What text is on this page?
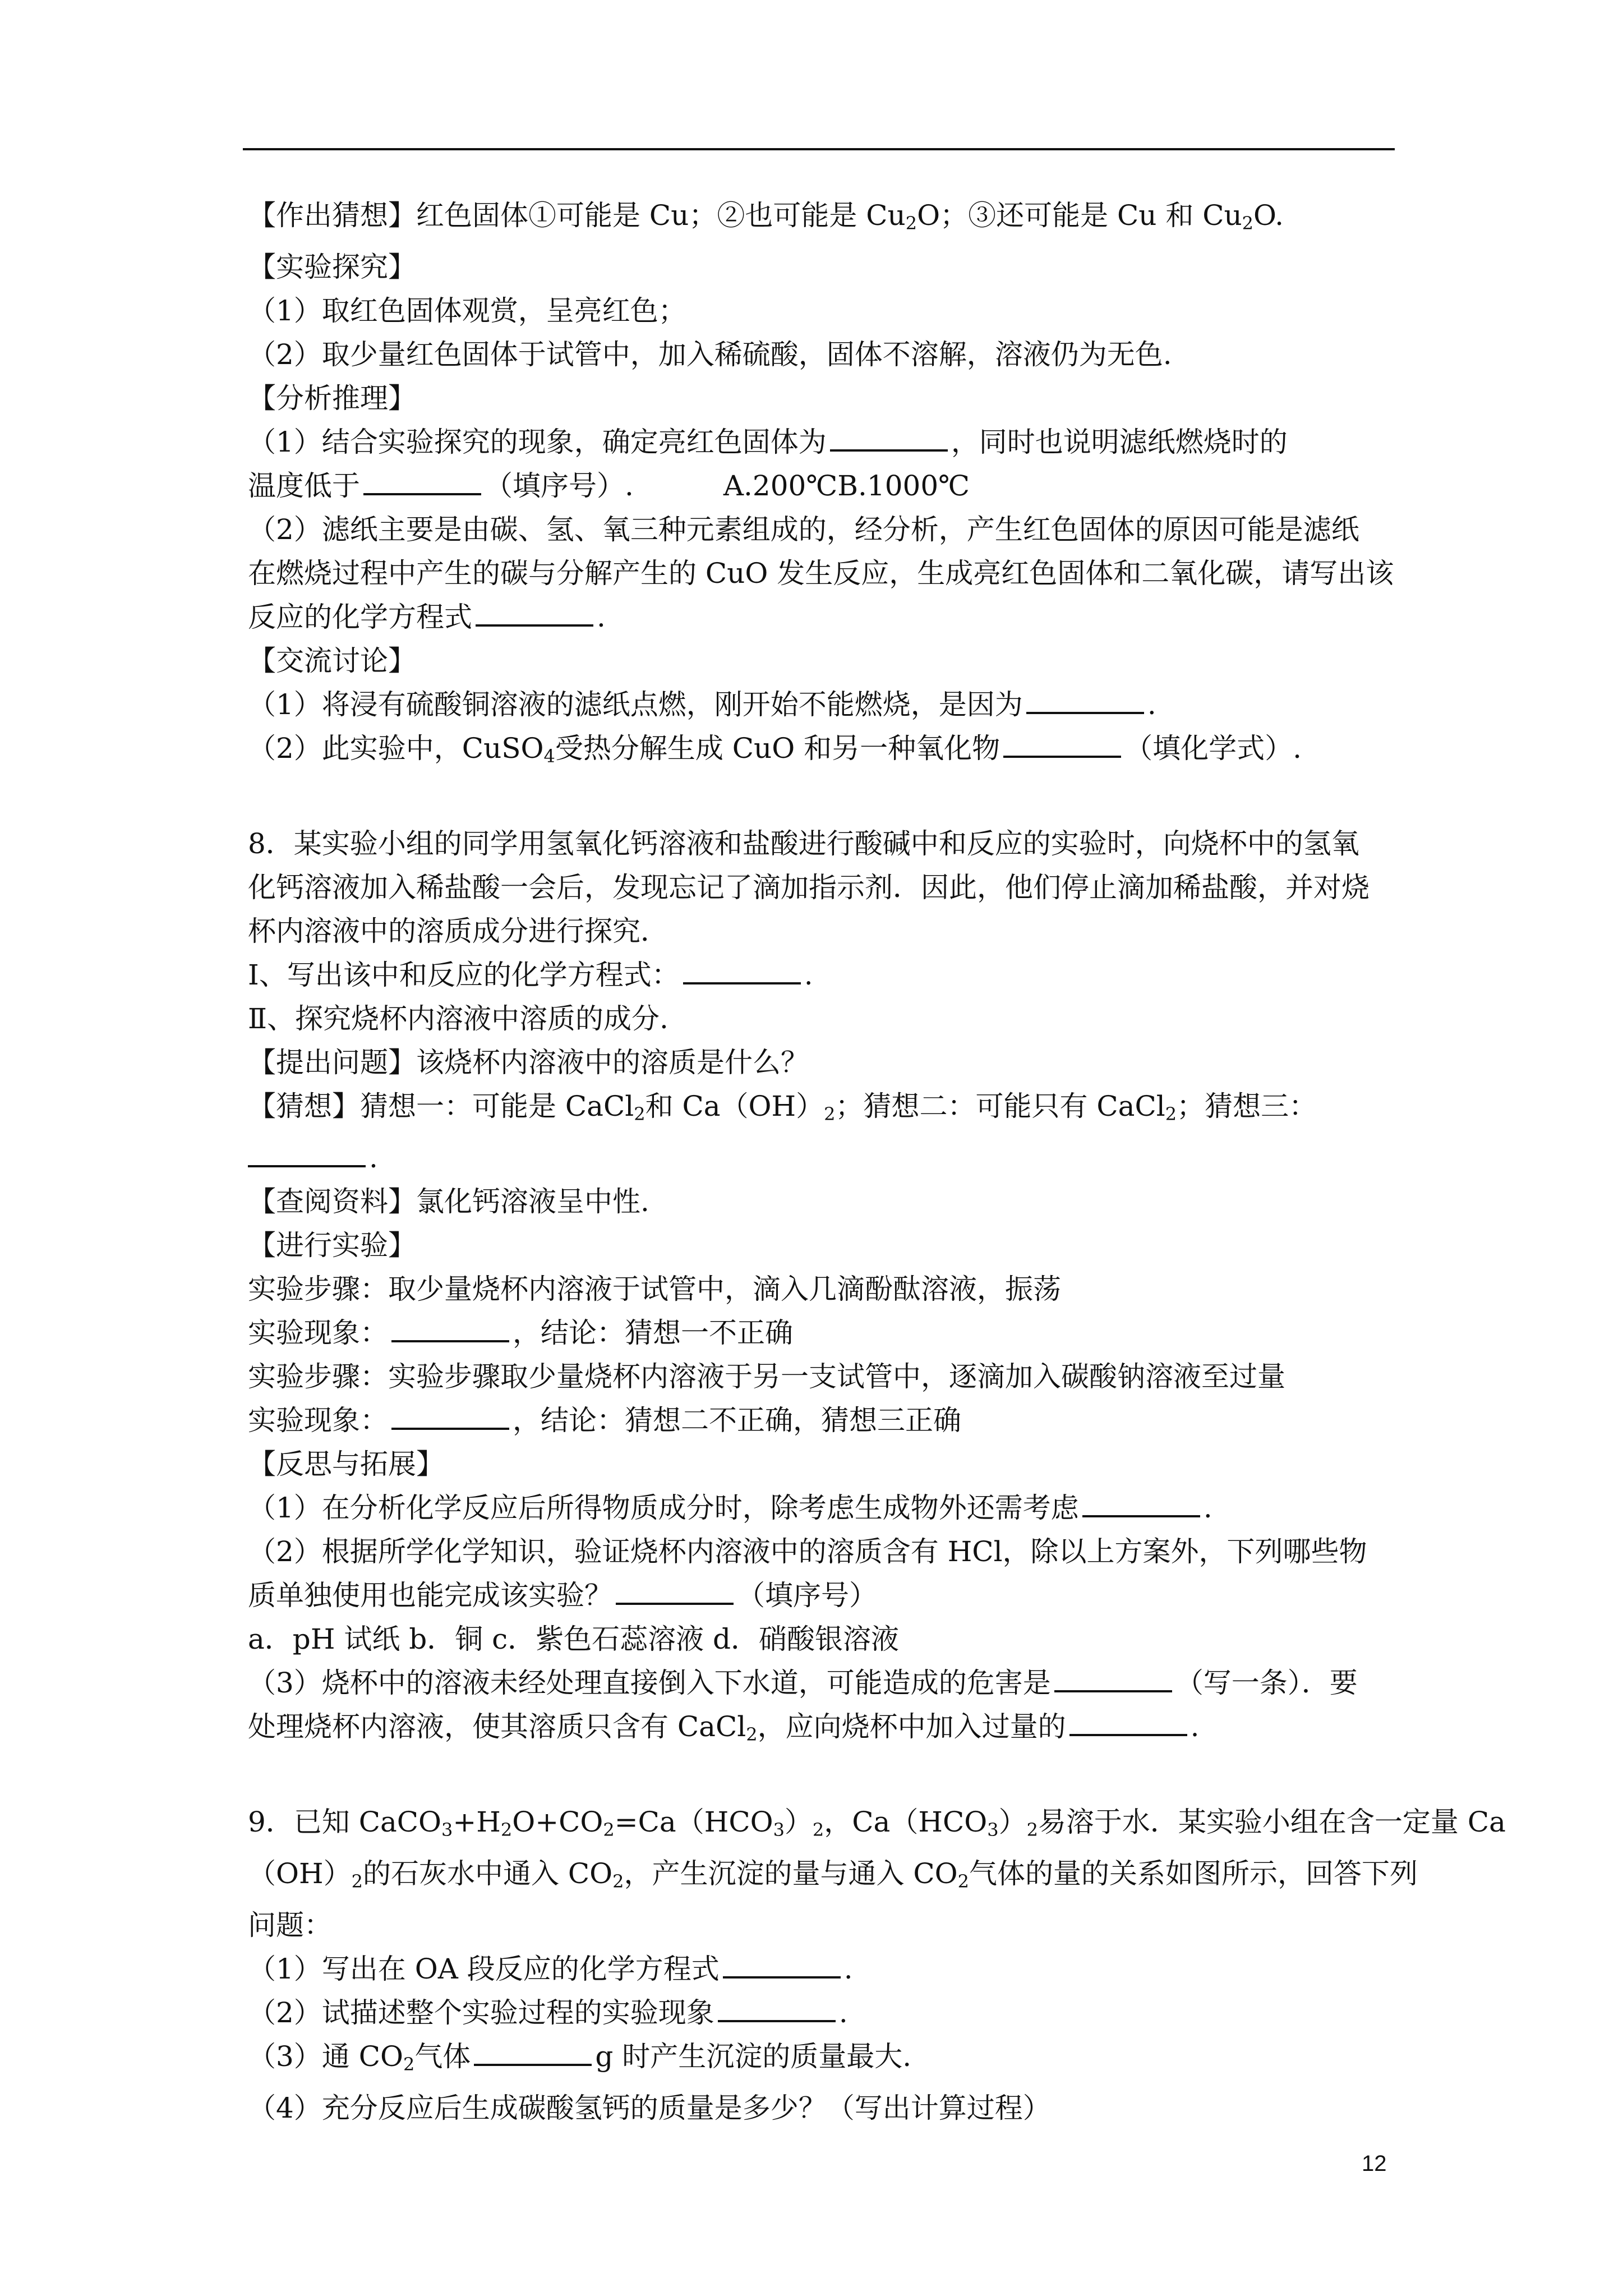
【作出猜想】红色固体①可能是 Cu；②也可能是 $Cu_2O$；③还可能是 Cu 和 $Cu_2O$.
【实验探究】
（1）取红色固体观赏，呈亮红色；
（2）取少量红色固体于试管中，加入稀硫酸，固体不溶解，溶液仍为无色.
【分析推理】
（1）结合实验探究的现象，确定亮红色固体为	，同时也说明滤纸燃烧时的
温度低于	（填序号）.	A.200℃B.1000℃
（2）滤纸主要是由碳、氢、氧三种元素组成的，经分析，产生红色固体的原因可能是滤纸
在燃烧过程中产生的碳与分解产生的 CuO 发生反应，生成亮红色固体和二氧化碳，请写出该
反应的化学方程式	.
【交流讨论】
（1）将浸有硫酸铜溶液的滤纸点燃，刚开始不能燃烧，是因为	.
（2）此实验中，CuSO$_4$受热分解生成 CuO 和另一种氧化物	（填化学式）.
8．某实验小组的同学用氢氧化钙溶液和盐酸进行酸碱中和反应的实验时，向烧杯中的氢氧
化钙溶液加入稀盐酸一会后，发现忘记了滴加指示剂．因此，他们停止滴加稀盐酸，并对烧
杯内溶液中的溶质成分进行探究．
Ⅰ、写出该中和反应的化学方程式：	.
Ⅱ、探究烧杯内溶液中溶质的成分.
【提出问题】该烧杯内溶液中的溶质是什么？
【猜想】猜想一：可能是 CaCl$_2$和 $Ca(OH)_2$；猜想二：可能只有 CaCl$_2$；猜想三：
.
【查阅资料】氯化钙溶液呈中性.
【进行实验】
实验步骤：取少量烧杯内溶液于试管中，滴入几滴酚酞溶液，振荡
实验现象：	，结论：猜想一不正确
实验步骤：实验步骤取少量烧杯内溶液于另一支试管中，逐滴加入碳酸钠溶液至过量
实验现象：	，结论：猜想二不正确，猜想三正确
【反思与拓展】
（1）在分析化学反应后所得物质成分时，除考虑生成物外还需考虑	.
（2）根据所学化学知识，验证烧杯内溶液中的溶质含有 HCl，除以上方案外，下列哪些物
质单独使用也能完成该实验？	（填序号）
a．pH 试纸 b．铜 c．紫色石蕊溶液 d．硝酸银溶液
（3）烧杯中的溶液未经处理直接倒入下水道，可能造成的危害是	（写一条）．要
处理烧杯内溶液，使其溶质只含有 CaCl$_2$，应向烧杯中加入过量的	.
9．已知 $CaCO_3+H_2O+CO_2=Ca(HCO_3)_2$，$Ca(HCO_3)_2$易溶于水．某实验小组在含一定量 Ca
$(OH)_2$的石灰水中通入 $CO_2$，产生沉淀的量与通入 $CO_2$气体的量的关系如图所示，回答下列
问题：
（1）写出在 OA 段反应的化学方程式	.
（2）试描述整个实验过程的实验现象	.
（3）通 $CO_2$气体	g 时产生沉淀的质量最大.
（4）充分反应后生成碳酸氢钙的质量是多少？（写出计算过程）
12
